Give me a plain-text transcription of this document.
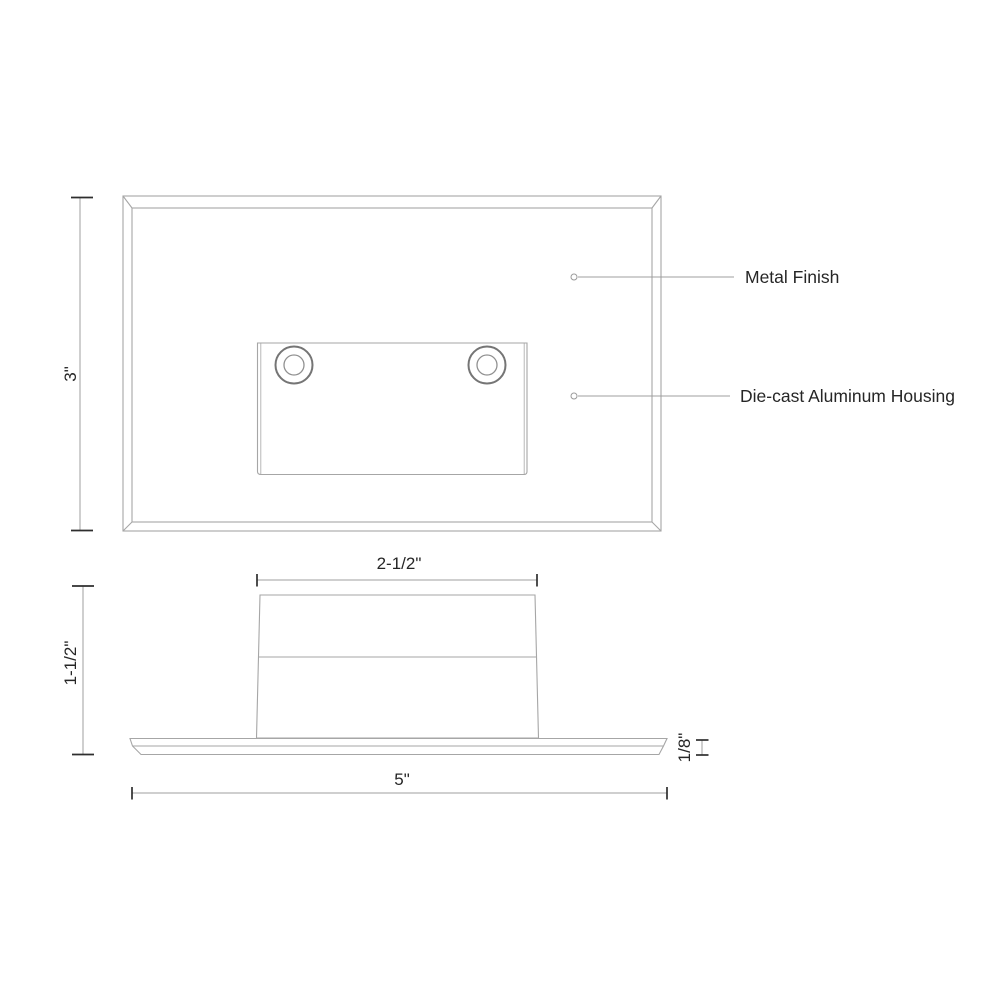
3"
Metal Finish
Die-cast Aluminum Housing
2-1/2"
1-1/2"
1/8"
5"
